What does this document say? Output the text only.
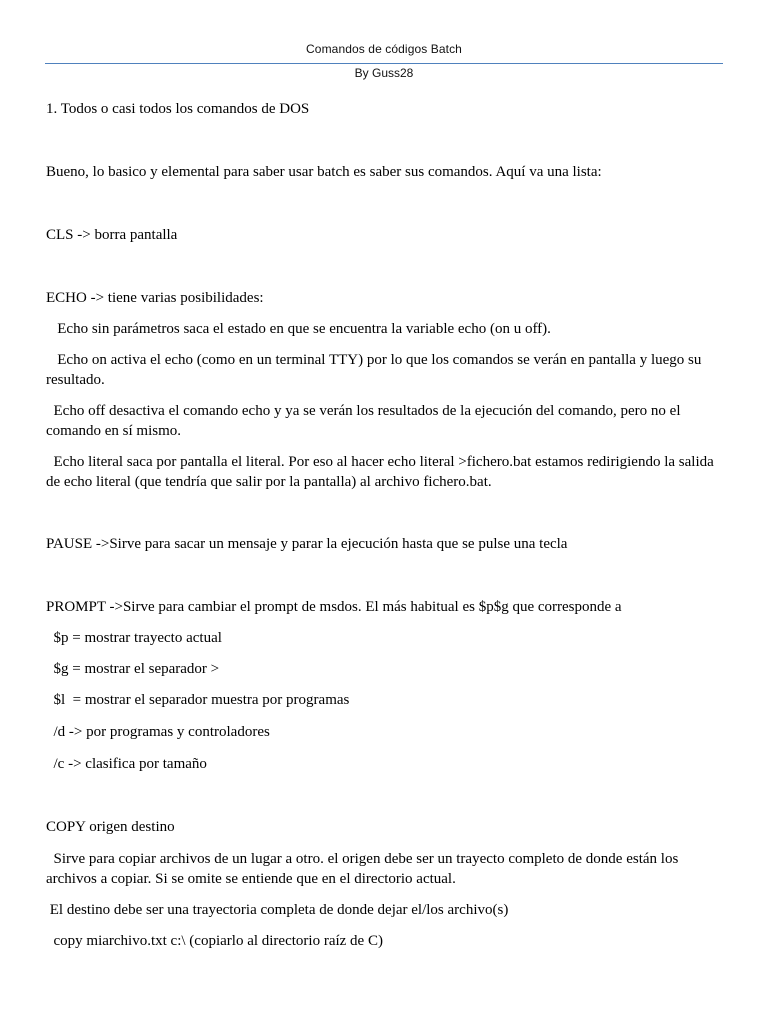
Comandos de códigos Batch
By Guss28

1. Todos o casi todos los comandos de DOS

Bueno, lo basico y elemental para saber usar batch es saber sus comandos. Aquí va una lista:

CLS -> borra pantalla

ECHO -> tiene varias posibilidades:

Echo sin parámetros saca el estado en que se encuentra la variable echo (on u off).

Echo on activa el echo (como en un terminal TTY) por lo que los comandos se verán en pantalla y luego su resultado.

Echo off desactiva el comando echo y ya se verán los resultados de la ejecución del comando, pero no el comando en sí mismo.

Echo literal saca por pantalla el literal. Por eso al hacer echo literal >fichero.bat estamos redirigiendo la salida de echo literal (que tendría que salir por la pantalla) al archivo fichero.bat.

PAUSE ->Sirve para sacar un mensaje y parar la ejecución hasta que se pulse una tecla

PROMPT ->Sirve para cambiar el prompt de msdos. El más habitual es $p$g que corresponde a

$p = mostrar trayecto actual

$g = mostrar el separador >

$l  = mostrar el separador muestra por programas

/d -> por programas y controladores

/c -> clasifica por tamaño

COPY origen destino

Sirve para copiar archivos de un lugar a otro. el origen debe ser un trayecto completo de donde están los archivos a copiar. Si se omite se entiende que en el directorio actual.

El destino debe ser una trayectoria completa de donde dejar el/los archivo(s)

copy miarchivo.txt c:\ (copiarlo al directorio raíz de C)
